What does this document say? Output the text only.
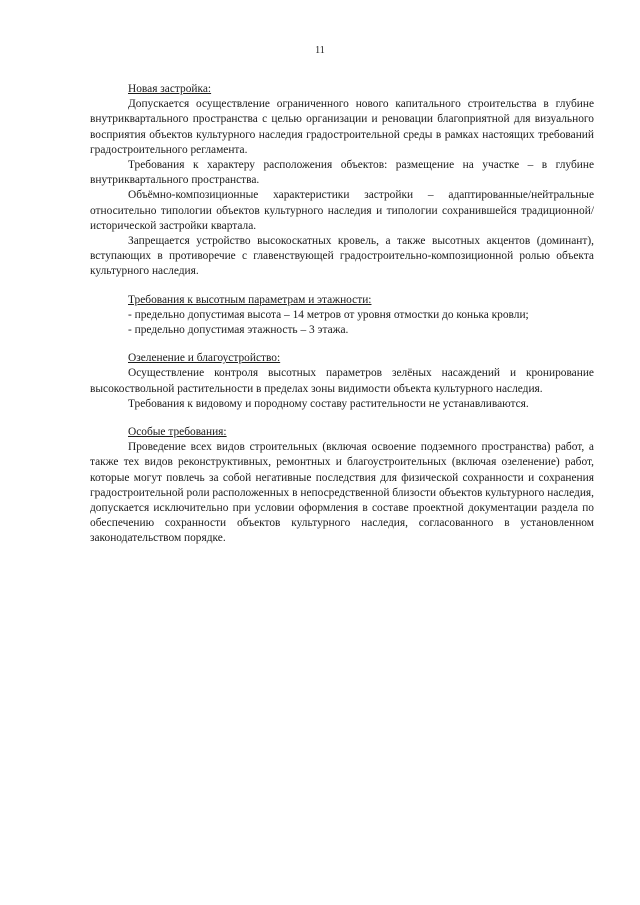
11

Новая застройка:

Допускается осуществление ограниченного нового капитального строительства в глубине внутриквартального пространства с целью организации и реновации благоприятной для визуального восприятия объектов культурного наследия градостроительной среды в рамках настоящих требований градостроительного регламента.

Требования к характеру расположения объектов: размещение на участке – в глубине внутриквартального пространства.

Объёмно-композиционные характеристики застройки – адаптированные/нейтральные относительно типологии объектов культурного наследия и типологии сохранившейся традиционной/исторической застройки квартала.

Запрещается устройство высокоскатных кровель, а также высотных акцентов (доминант), вступающих в противоречие с главенствующей градостроительно-композиционной ролью объекта культурного наследия.

Требования к высотным параметрам и этажности:

- предельно допустимая высота – 14 метров от уровня отмостки до конька кровли;

- предельно допустимая этажность – 3 этажа.

Озеленение и благоустройство:

Осуществление контроля высотных параметров зелёных насаждений и кронирование высокоствольной растительности в пределах зоны видимости объекта культурного наследия.

Требования к видовому и породному составу растительности не устанавливаются.

Особые требования:

Проведение всех видов строительных (включая освоение подземного пространства) работ, а также тех видов реконструктивных, ремонтных и благоустроительных (включая озеленение) работ, которые могут повлечь за собой негативные последствия для физической сохранности и сохранения градостроительной роли расположенных в непосредственной близости объектов культурного наследия, допускается исключительно при условии оформления в составе проектной документации раздела по обеспечению сохранности объектов культурного наследия, согласованного в установленном законодательством порядке.
